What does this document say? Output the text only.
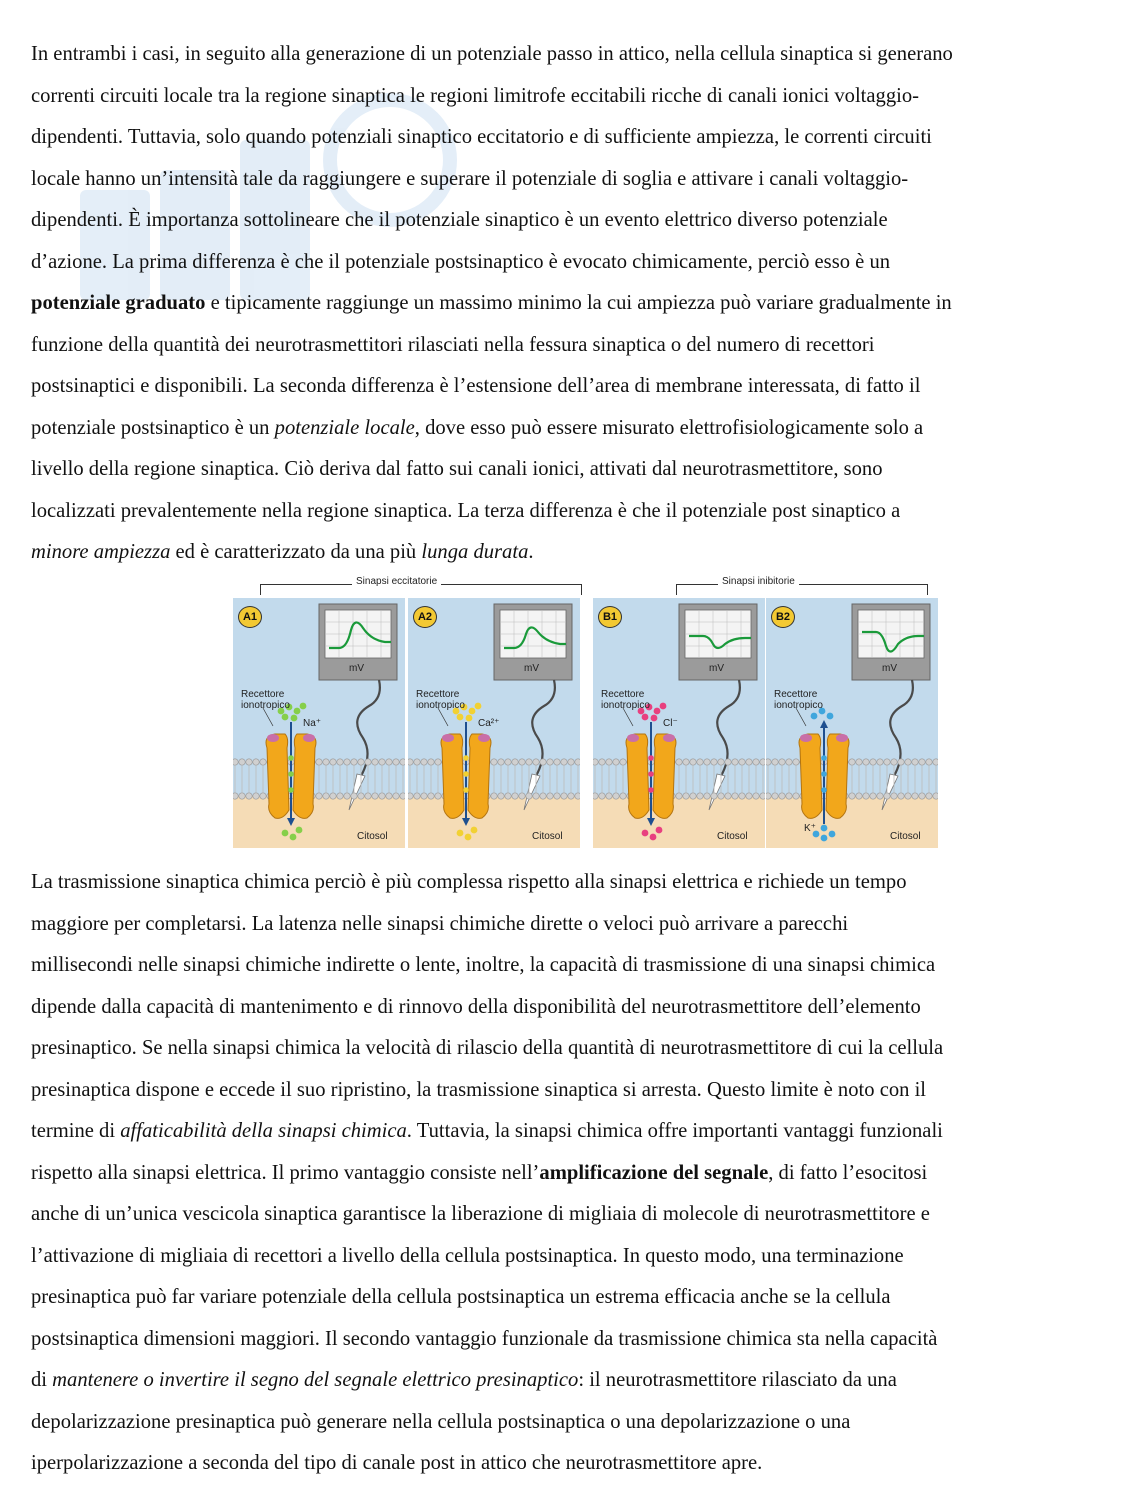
In entrambi i casi, in seguito alla generazione di un potenziale passo in attico, nella cellula sinaptica si generano
correnti circuiti locale tra la regione sinaptica le regioni limitrofe eccitabili ricche di canali ionici voltaggio-
dipendenti. Tuttavia, solo quando potenziali sinaptico eccitatorio e di sufficiente ampiezza, le correnti circuiti
locale hanno un’intensità tale da raggiungere e superare il potenziale di soglia e attivare i canali voltaggio-
dipendenti. È importanza sottolineare che il potenziale sinaptico è un evento elettrico diverso potenziale
d’azione. La prima differenza è che il potenziale postsinaptico è evocato chimicamente, perciò esso è un
potenziale graduato e tipicamente raggiunge un massimo minimo la cui ampiezza può variare gradualmente in
funzione della quantità dei neurotrasmettitori rilasciati nella fessura sinaptica o del numero di recettori
postsinaptici e disponibili. La seconda differenza è l’estensione dell’area di membrane interessata, di fatto il
potenziale postsinaptico è un potenziale locale, dove esso può essere misurato elettrofisiologicamente solo a
livello della regione sinaptica. Ciò deriva dal fatto sui canali ionici, attivati dal neurotrasmettitore, sono
localizzati prevalentemente nella regione sinaptica. La terza differenza è che il potenziale post sinaptico a
minore ampiezza ed è caratterizzato da una più lunga durata.
Sinapsi eccitatorie	Sinapsi inibitorie
A1
mV
Recettore ionotropico
Na⁺
Citosol
A2
mV
Recettore ionotropico
Ca²⁺
Citosol
B1
mV
Recettore ionotropico
Cl⁻
Citosol
B2
mV
Recettore ionotropico
K⁺
Citosol
La trasmissione sinaptica chimica perciò è più complessa rispetto alla sinapsi elettrica e richiede un tempo
maggiore per completarsi. La latenza nelle sinapsi chimiche dirette o veloci può arrivare a parecchi
millisecondi nelle sinapsi chimiche indirette o lente, inoltre, la capacità di trasmissione di una sinapsi chimica
dipende dalla capacità di mantenimento e di rinnovo della disponibilità del neurotrasmettitore dell’elemento
presinaptico. Se nella sinapsi chimica la velocità di rilascio della quantità di neurotrasmettitore di cui la cellula
presinaptica dispone e eccede il suo ripristino, la trasmissione sinaptica si arresta. Questo limite è noto con il
termine di affaticabilità della sinapsi chimica. Tuttavia, la sinapsi chimica offre importanti vantaggi funzionali
rispetto alla sinapsi elettrica. Il primo vantaggio consiste nell’amplificazione del segnale, di fatto l’esocitosi
anche di un’unica vescicola sinaptica garantisce la liberazione di migliaia di molecole di neurotrasmettitore e
l’attivazione di migliaia di recettori a livello della cellula postsinaptica. In questo modo, una terminazione
presinaptica può far variare potenziale della cellula postsinaptica un estrema efficacia anche se la cellula
postsinaptica dimensioni maggiori. Il secondo vantaggio funzionale da trasmissione chimica sta nella capacità
di mantenere o invertire il segno del segnale elettrico presinaptico: il neurotrasmettitore rilasciato da una
depolarizzazione presinaptica può generare nella cellula postsinaptica o una depolarizzazione o una
iperpolarizzazione a seconda del tipo di canale post in attico che neurotrasmettitore apre.
